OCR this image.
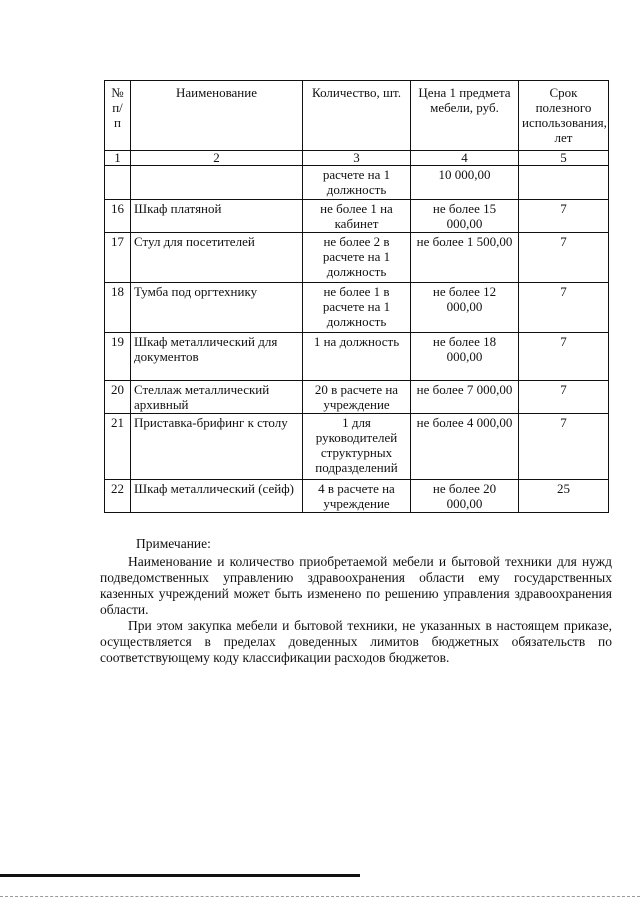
№ п/ п	Наименование	Количество, шт.	Цена 1 предмета мебели, руб.	Срок полезного использования, лет
1	2	3	4	5
		расчете на 1 должность	10 000,00	
16	Шкаф платяной	не более 1 на кабинет	не более 15 000,00	7
17	Стул для посетителей	не более 2 в расчете на 1 должность	не более 1 500,00	7
18	Тумба под оргтехнику	не более 1 в расчете на 1 должность	не более 12 000,00	7
19	Шкаф металлический для документов	1 на должность	не более 18 000,00	7
20	Стеллаж металлический архивный	20 в расчете на учреждение	не более 7 000,00	7
21	Приставка-брифинг к столу	1 для руководителей структурных подразделений	не более 4 000,00	7
22	Шкаф металлический (сейф)	4 в расчете на учреждение	не более 20 000,00	25
Примечание:

Наименование и количество приобретаемой мебели и бытовой техники для нужд подведомственных управлению здравоохранения области ему государственных казенных учреждений может быть изменено по решению управления здравоохранения области.

При этом закупка мебели и бытовой техники, не указанных в настоящем приказе, осуществляется в пределах доведенных лимитов бюджетных обязательств по соответствующему коду классификации расходов бюджетов.
